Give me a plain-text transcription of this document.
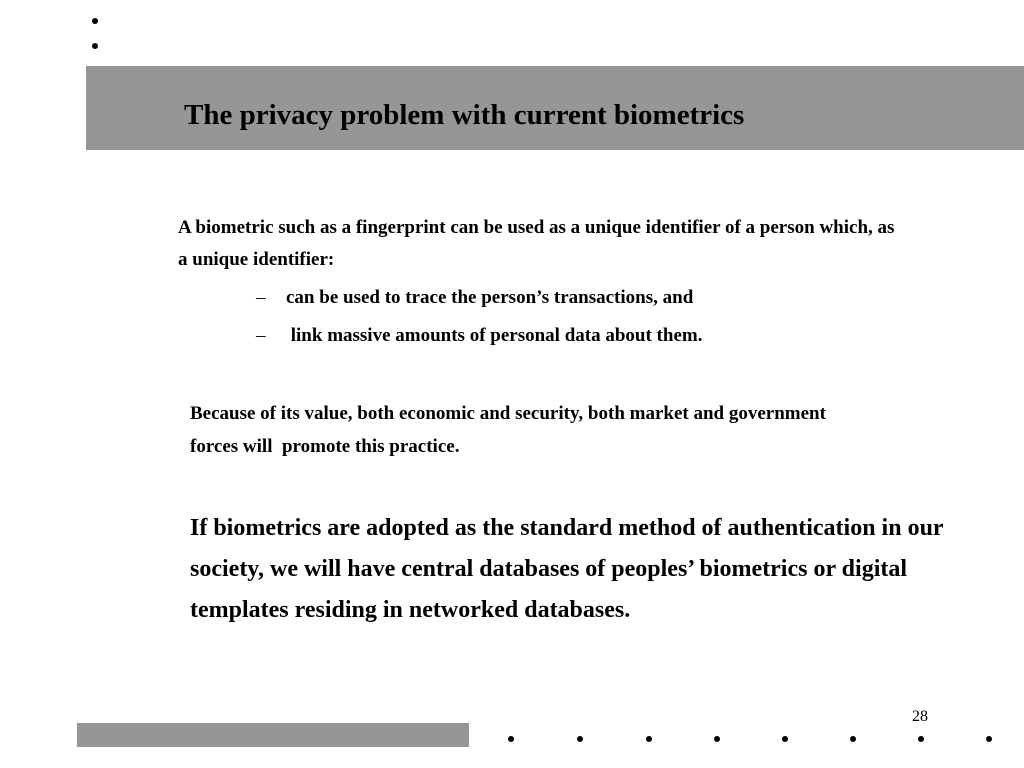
The privacy problem with current biometrics

A biometric such as a fingerprint can be used as a unique identifier of a person which, as a unique identifier:

– can be used to trace the person’s transactions, and
– link massive amounts of personal data about them.

Because of its value, both economic and security, both market and government forces will  promote this practice.

If biometrics are adopted as the standard method of authentication in our society, we will have central databases of peoples’ biometrics or digital templates residing in networked databases.

28
